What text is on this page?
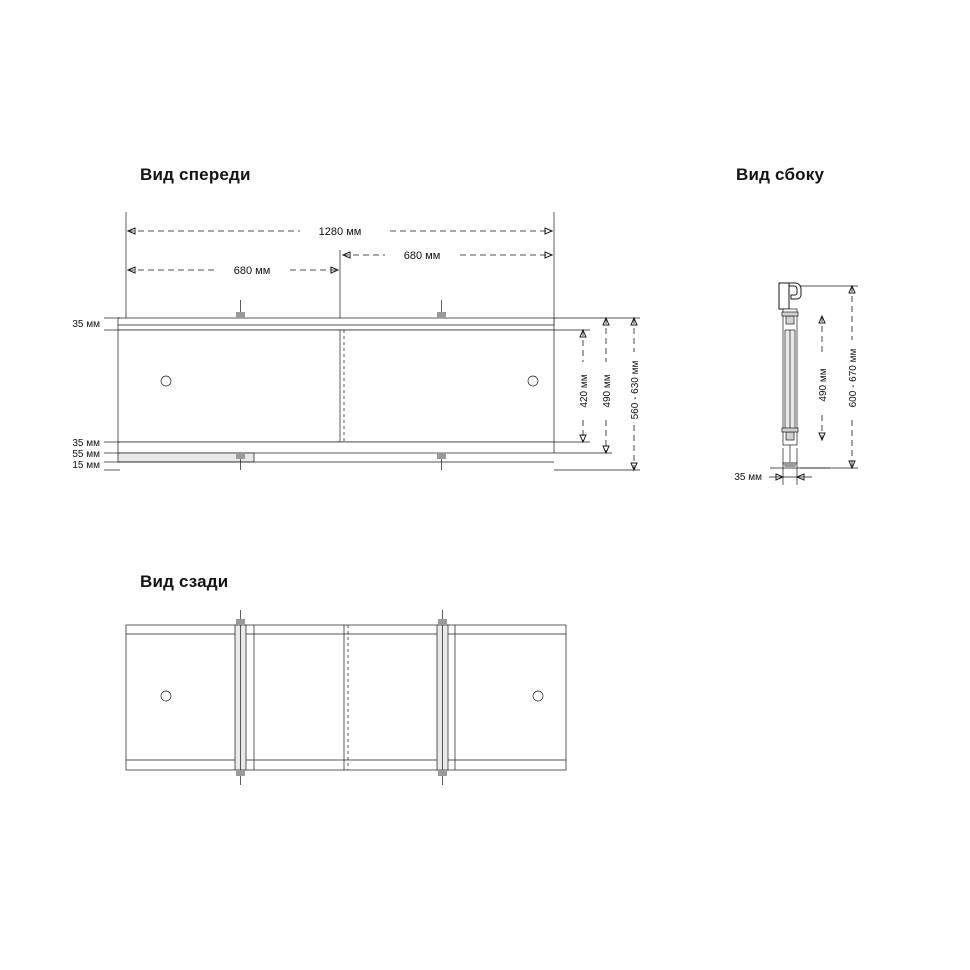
Вид спереди	Вид сбоку
Вид сзади
1280 мм
680 мм
680 мм
35 мм
35 мм
55 мм
15 мм
420 мм 490 мм 560 - 630 мм	490 мм 600 - 670 мм
35 мм
